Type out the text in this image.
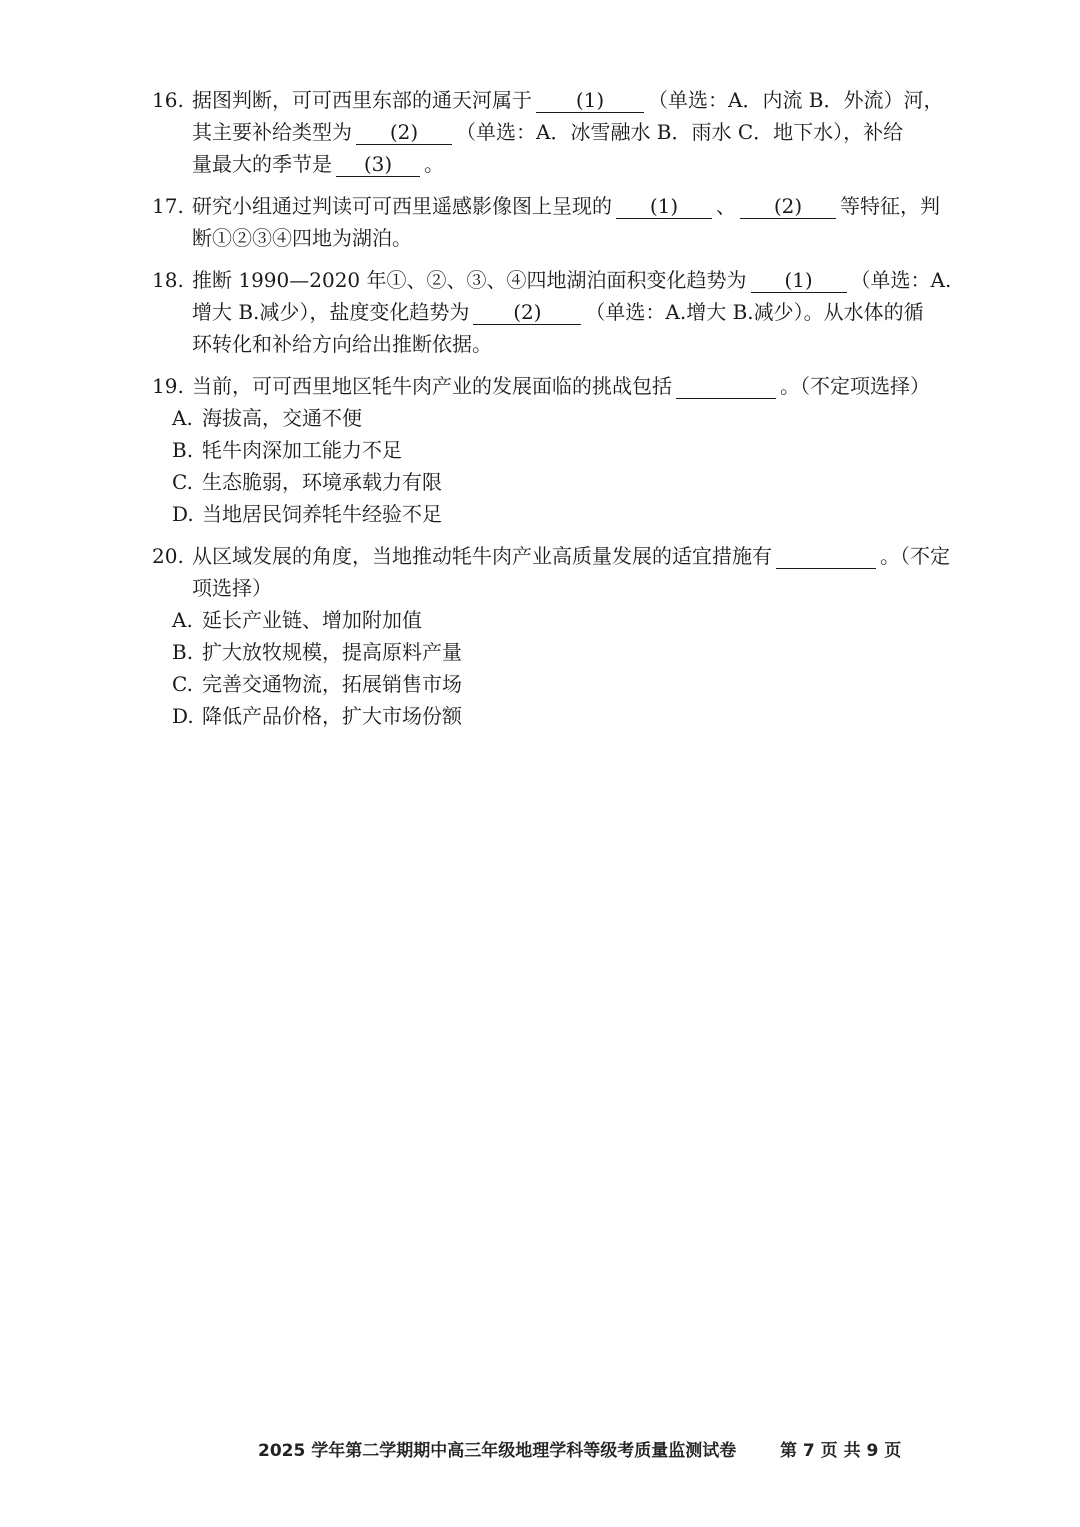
16. 据图判断，可可西里东部的通天河属于 (1) （单选：A．内流 B．外流）河，
其主要补给类型为 (2) （单选：A．冰雪融水 B．雨水 C．地下水），补给
量最大的季节是 (3) 。
17. 研究小组通过判读可可西里遥感影像图上呈现的 (1) 、 (2) 等特征，判
断①②③④四地为湖泊。
18. 推断 1990—2020 年①、②、③、④四地湖泊面积变化趋势为 (1) （单选：A.
增大 B.减少），盐度变化趋势为 (2) （单选：A.增大 B.减少）。从水体的循
环转化和补给方向给出推断依据。
19. 当前，可可西里地区牦牛肉产业的发展面临的挑战包括	。（不定项选择）
A. 海拔高，交通不便
B. 牦牛肉深加工能力不足
C. 生态脆弱，环境承载力有限
D. 当地居民饲养牦牛经验不足
20. 从区域发展的角度，当地推动牦牛肉产业高质量发展的适宜措施有	。（不定
项选择）
A. 延长产业链、增加附加值
B. 扩大放牧规模，提高原料产量
C. 完善交通物流，拓展销售市场
D. 降低产品价格，扩大市场份额
2025 学年第二学期期中高三年级地理学科等级考质量监测试卷	第 7 页 共 9 页
